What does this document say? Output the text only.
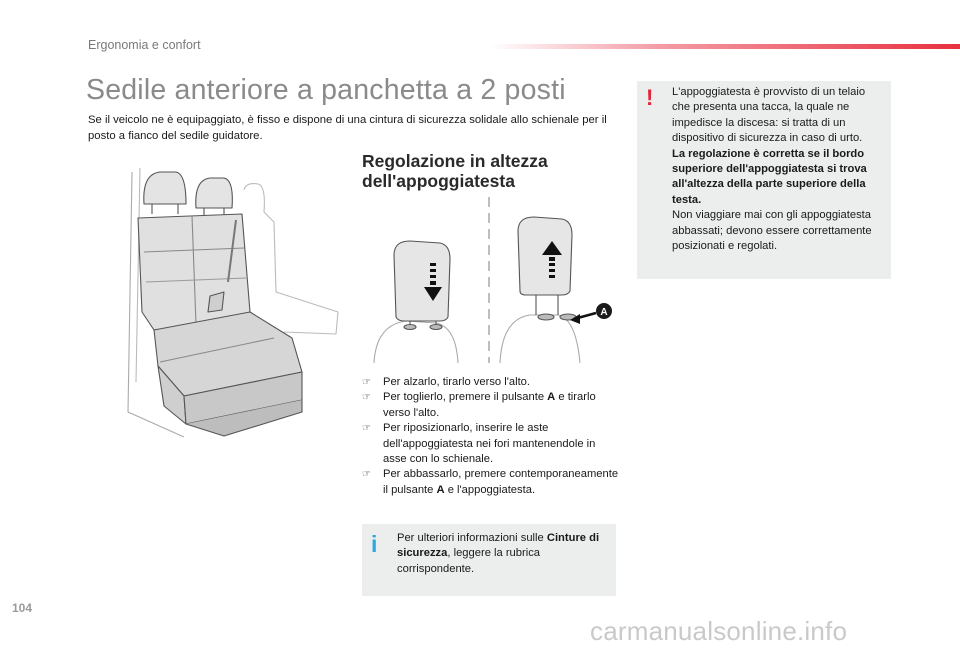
Ergonomia e confort
Sedile anteriore a panchetta a 2 posti

Se il veicolo ne è equipaggiato, è fisso e dispone di una cintura di sicurezza solidale allo schienale per il posto a fianco del sedile guidatore.

Regolazione in altezza
dell'appoggiatesta
A
☞ Per alzarlo, tirarlo verso l'alto.
☞ Per toglierlo, premere il pulsante A e tirarlo verso l'alto.
☞ Per riposizionarlo, inserire le aste dell'appoggiatesta nei fori mantenendole in asse con lo schienale.
☞ Per abbassarlo, premere contemporaneamente il pulsante A e l'appoggiatesta.
i	Per ulteriori informazioni sulle Cinture di sicurezza, leggere la rubrica corrispondente.

!	L'appoggiatesta è provvisto di un telaio che presenta una tacca, la quale ne impedisce la discesa: si tratta di un dispositivo di sicurezza in caso di urto.
La regolazione è corretta se il bordo superiore dell'appoggiatesta si trova all'altezza della parte superiore della testa.
Non viaggiare mai con gli appoggiatesta abbassati; devono essere correttamente posizionati e regolati.

104
carmanualsonline.info
